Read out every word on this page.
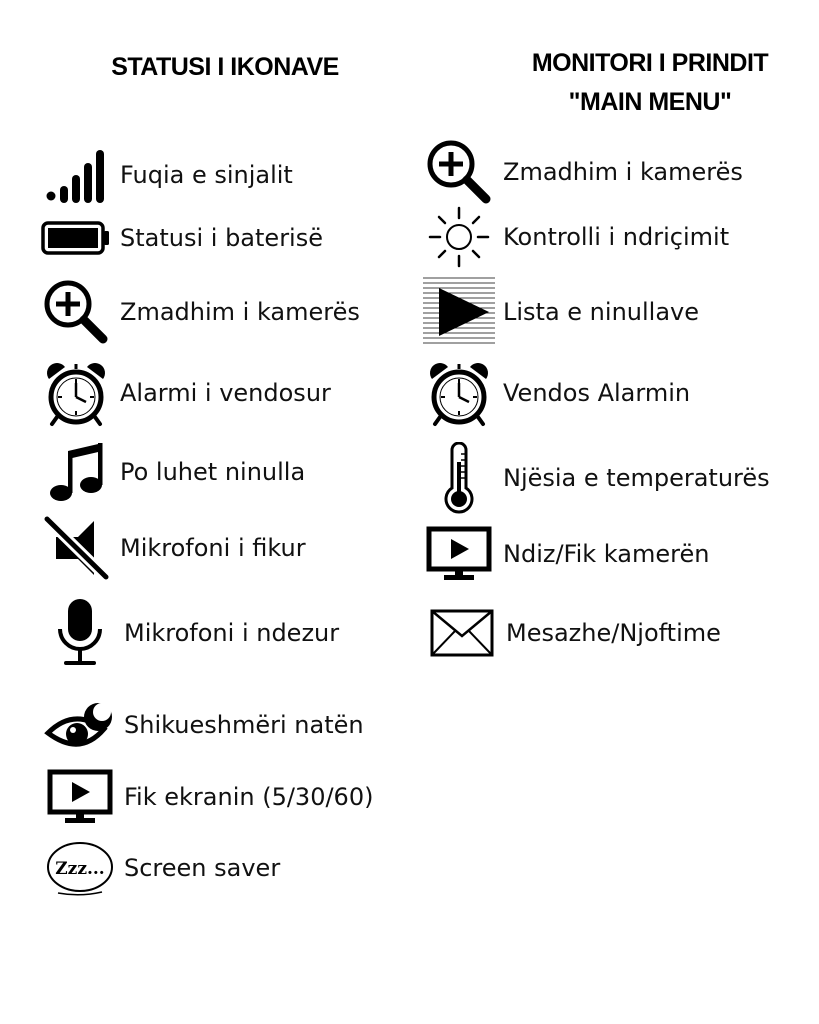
STATUSI I IKONAVE	MONITORI I PRINDIT
"MAIN MENU"
Fuqia e sinjalit
Statusi i baterisë
Zmadhim i kamerës
Alarmi i vendosur
Po luhet ninulla
Mikrofoni i fikur
Mikrofoni i ndezur
Shikueshmëri natën
Fik ekranin (5/30/60)
Zzz... Screen saver
Zmadhim i kamerës
Kontrolli i ndriçimit
Lista e ninullave
Vendos Alarmin
Njësia e temperaturës
Ndiz/Fik kamerën
Mesazhe/Njoftime
